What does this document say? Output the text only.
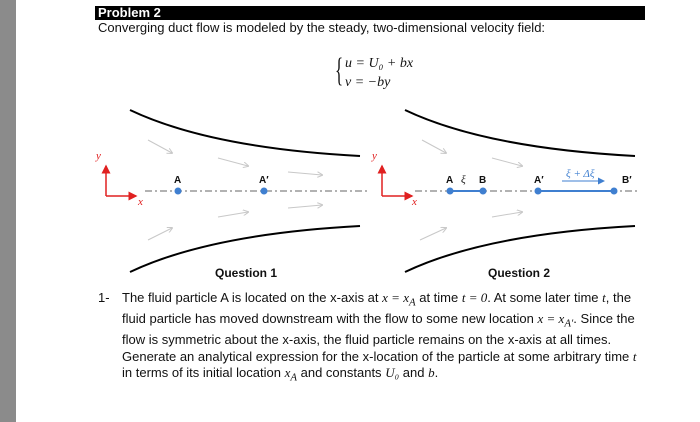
Problem 2
Converging duct flow is modeled by the steady, two-dimensional velocity field:
{ u = U₀ + bx
v = −by
y
x
A	A′
y
x
A ξ B	A′
ξ + Δξ
B′
Question 1	Question 2
1- The fluid particle A is located on the x-axis at $x = x_A$ at time t = 0. At some later time t, the

fluid particle has moved downstream with the flow to some new location $x = x_{A'}$. Since the

flow is symmetric about the x-axis, the fluid particle remains on the x-axis at all times.

Generate an analytical expression for the x-location of the particle at some arbitrary time t

in terms of its initial location $x_A$ and constants U₀ and b.
